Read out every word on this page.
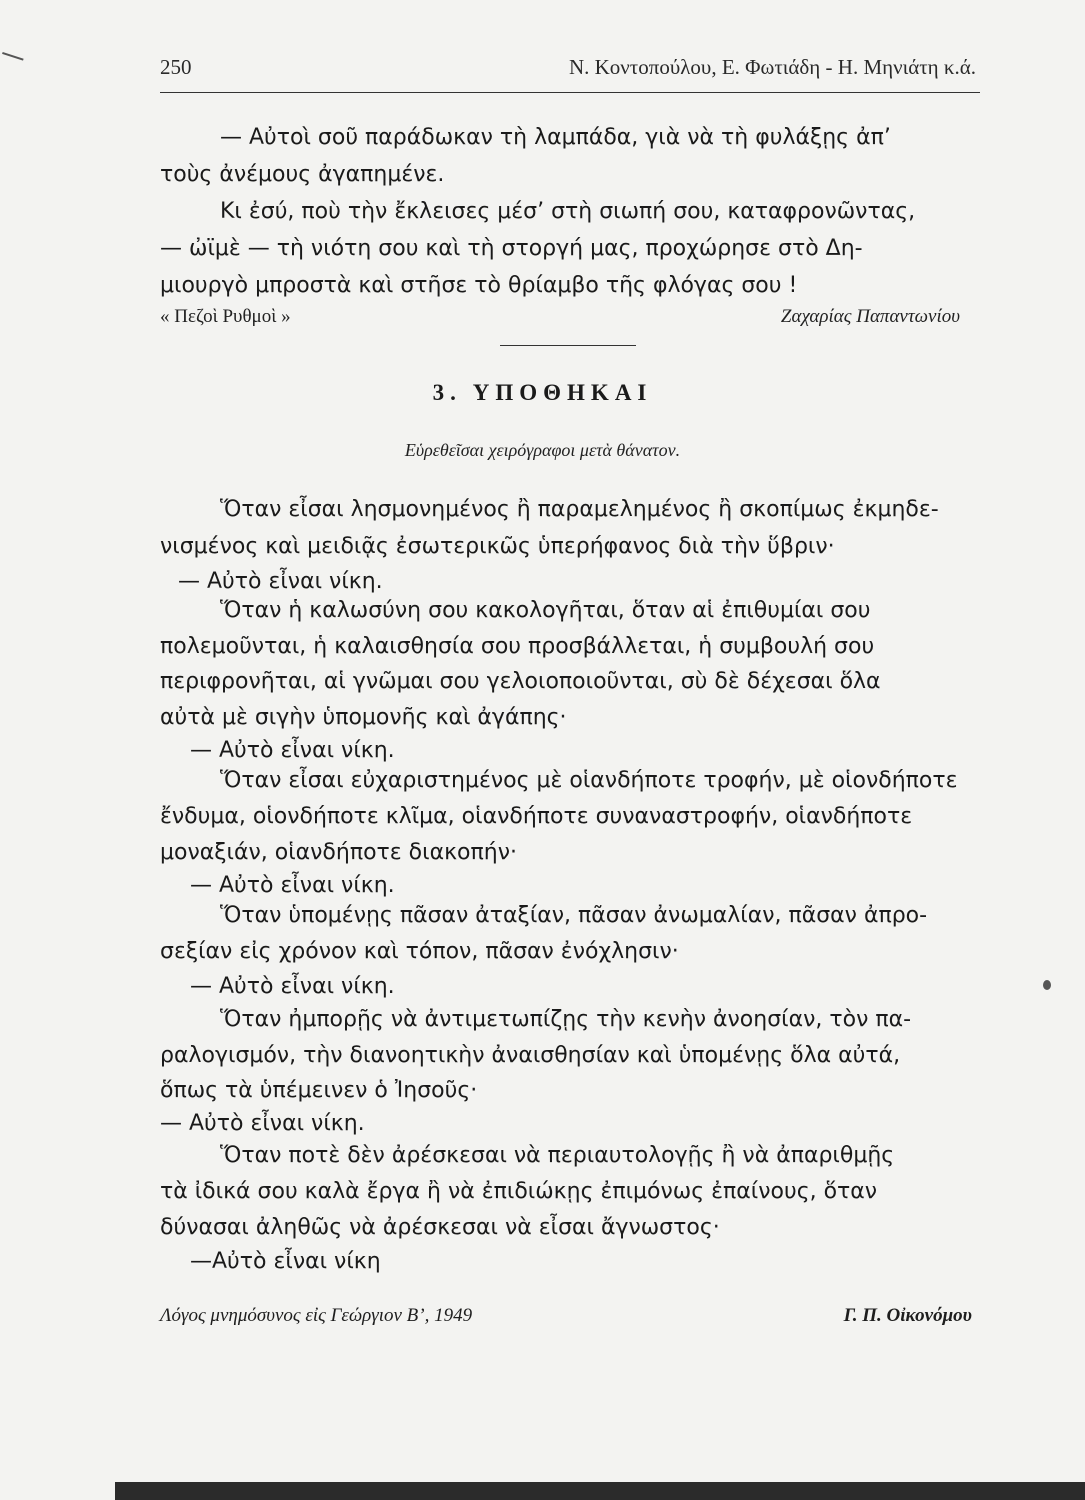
250	Ν. Κοντοπούλου, Ε. Φωτιάδη - Η. Μηνιάτη κ.ά.
— Αὐτοὶ σοῦ παράδωκαν τὴ λαμπάδα, γιὰ νὰ τὴ φυλάξῃς ἀπ’
τοὺς ἀνέμους ἀγαπημένε.
Κι ἐσύ, ποὺ τὴν ἔκλεισες μέσ’ στὴ σιωπή σου, καταφρονῶντας,
— ὠϊμὲ — τὴ νιότη σου καὶ τὴ στοργή μας, προχώρησε στὸ Δη-
μιουργὸ μπροστὰ καὶ στῆσε τὸ θρίαμβο τῆς φλόγας σου !
« Πεζοὶ Ρυθμοὶ »	Ζαχαρίας Παπαντωνίου
3. ΥΠΟΘΗΚΑΙ
Εὑρεθεῖσαι χειρόγραφοι μετὰ θάνατον.
Ὅταν εἶσαι λησμονημένος ἢ παραμελημένος ἢ σκοπίμως ἐκμηδε-
νισμένος καὶ μειδιᾷς ἐσωτερικῶς ὑπερήφανος διὰ τὴν ὕβριν·
— Αὐτὸ εἶναι νίκη.
Ὅταν ἡ καλωσύνη σου κακολογῆται, ὅταν αἱ ἐπιθυμίαι σου
πολεμοῦνται, ἡ καλαισθησία σου προσβάλλεται, ἡ συμβουλή σου
περιφρονῆται, αἱ γνῶμαι σου γελοιοποιοῦνται, σὺ δὲ δέχεσαι ὅλα
αὐτὰ μὲ σιγὴν ὑπομονῆς καὶ ἀγάπης·
— Αὐτὸ εἶναι νίκη.
Ὅταν εἶσαι εὐχαριστημένος μὲ οἱανδήποτε τροφήν, μὲ οἱονδήποτε
ἔνδυμα, οἱονδήποτε κλῖμα, οἱανδήποτε συναναστροφήν, οἱανδήποτε
μοναξιάν, οἱανδήποτε διακοπήν·
— Αὐτὸ εἶναι νίκη.
Ὅταν ὑπομένῃς πᾶσαν ἀταξίαν, πᾶσαν ἀνωμαλίαν, πᾶσαν ἀπρο-
σεξίαν εἰς χρόνον καὶ τόπον, πᾶσαν ἐνόχλησιν·
— Αὐτὸ εἶναι νίκη.
Ὅταν ἠμπορῇς νὰ ἀντιμετωπίζῃς τὴν κενὴν ἀνοησίαν, τὸν πα-
ραλογισμόν, τὴν διανοητικὴν ἀναισθησίαν καὶ ὑπομένῃς ὅλα αὐτά,
ὅπως τὰ ὑπέμεινεν ὁ Ἰησοῦς·
— Αὐτὸ εἶναι νίκη.
Ὅταν ποτὲ δὲν ἀρέσκεσαι νὰ περιαυτολογῇς ἢ νὰ ἀπαριθμῇς
τὰ ἰδικά σου καλὰ ἔργα ἢ νὰ ἐπιδιώκῃς ἐπιμόνως ἐπαίνους, ὅταν
δύνασαι ἀληθῶς νὰ ἀρέσκεσαι νὰ εἶσαι ἄγνωστος·
—Αὐτὸ εἶναι νίκη
Λόγος μνημόσυνος εἰς Γεώργιον Β’, 1949	Γ. Π. Οἰκονόμου
